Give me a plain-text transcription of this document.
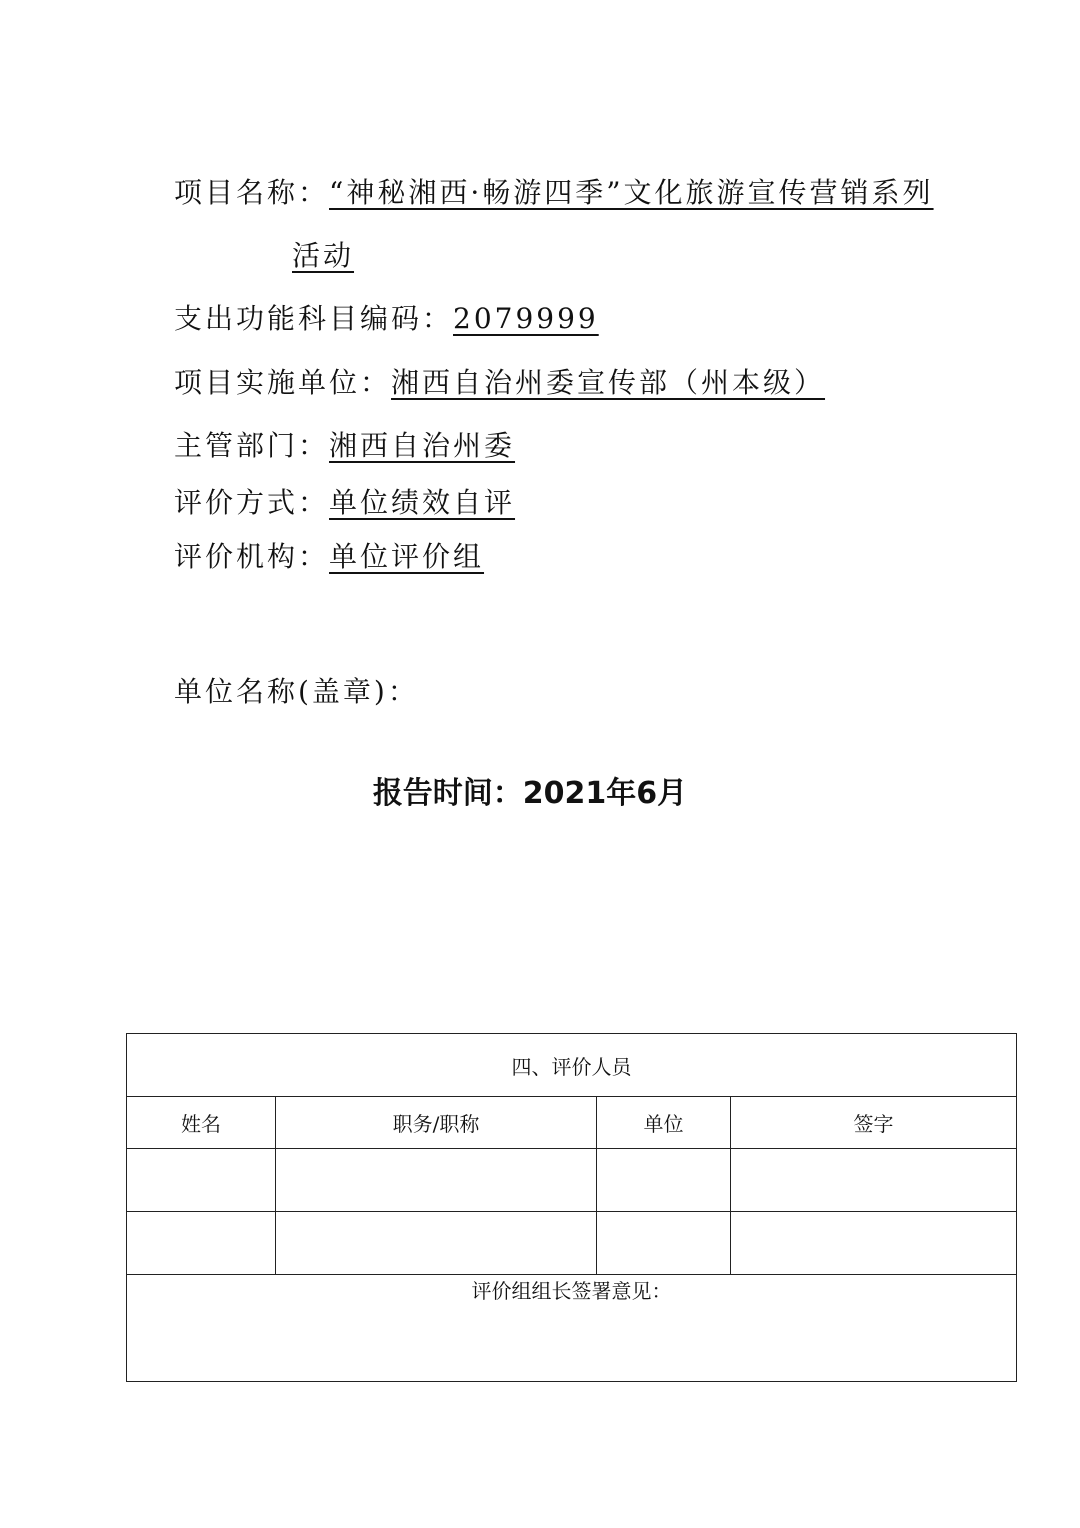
项目名称：“神秘湘西·畅游四季”文化旅游宣传营销系列
活动
支出功能科目编码：2079999
项目实施单位：湘西自治州委宣传部（州本级）
主管部门：湘西自治州委
评价方式：单位绩效自评
评价机构：单位评价组
单位名称(盖章)：
报告时间：2021年6月
四、评价人员			
姓名	职务/职称	单位	签字

评价组组长签署意见：			
